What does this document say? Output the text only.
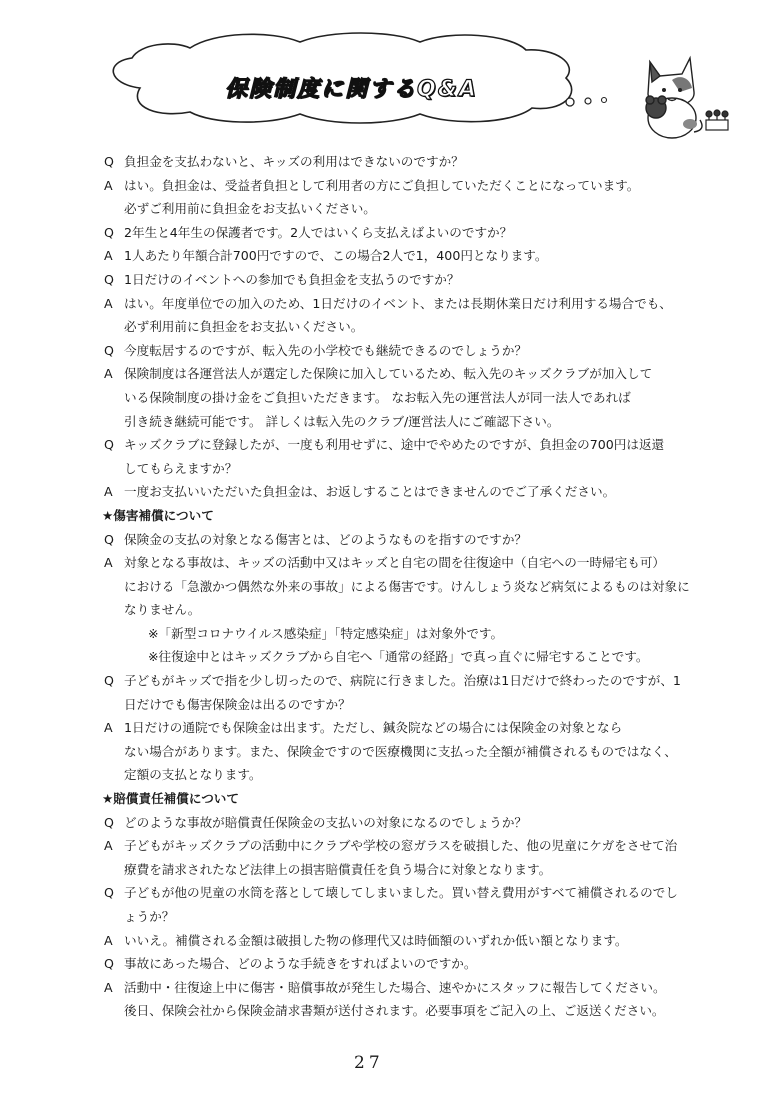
保険制度に関するQ&A
Q 負担金を支払わないと、キッズの利用はできないのですか？
A はい。負担金は、受益者負担として利用者の方にご負担していただくことになっています。
必ずご利用前に負担金をお支払いください。
Q 2年生と4年生の保護者です。2人ではいくら支払えばよいのですか？
A 1人あたり年額合計700円ですので、この場合2人で1，400円となります。
Q 1日だけのイベントへの参加でも負担金を支払うのですか？
A はい。年度単位での加入のため、1日だけのイベント、または長期休業日だけ利用する場合でも、
必ず利用前に負担金をお支払いください。
Q 今度転居するのですが、転入先の小学校でも継続できるのでしょうか？
A 保険制度は各運営法人が選定した保険に加入しているため、転入先のキッズクラブが加入して
いる保険制度の掛け金をご負担いただきます。 なお転入先の運営法人が同一法人であれば
引き続き継続可能です。 詳しくは転入先のクラブ/運営法人にご確認下さい。
Q キッズクラブに登録したが、一度も利用せずに、途中でやめたのですが、負担金の700円は返還
してもらえますか？
A 一度お支払いいただいた負担金は、お返しすることはできませんのでご了承ください。
★傷害補償について
Q 保険金の支払の対象となる傷害とは、どのようなものを指すのですか？
A 対象となる事故は、キッズの活動中又はキッズと自宅の間を往復途中（自宅への一時帰宅も可）
における「急激かつ偶然な外来の事故」による傷害です。けんしょう炎など病気によるものは対象に
なりません。
※「新型コロナウイルス感染症」「特定感染症」は対象外です。
※往復途中とはキッズクラブから自宅へ「通常の経路」で真っ直ぐに帰宅することです。
Q 子どもがキッズで指を少し切ったので、病院に行きました。治療は1日だけで終わったのですが、1
日だけでも傷害保険金は出るのですか？
A 1日だけの通院でも保険金は出ます。ただし、鍼灸院などの場合には保険金の対象となら
ない場合があります。また、保険金ですので医療機関に支払った全額が補償されるものではなく、
定額の支払となります。
★賠償責任補償について
Q どのような事故が賠償責任保険金の支払いの対象になるのでしょうか？
A 子どもがキッズクラブの活動中にクラブや学校の窓ガラスを破損した、他の児童にケガをさせて治
療費を請求されたなど法律上の損害賠償責任を負う場合に対象となります。
Q 子どもが他の児童の水筒を落として壊してしまいました。買い替え費用がすべて補償されるのでし
ょうか？
A いいえ。補償される金額は破損した物の修理代又は時価額のいずれか低い額となります。
Q 事故にあった場合、どのような手続きをすればよいのですか。
A 活動中・往復途上中に傷害・賠償事故が発生した場合、速やかにスタッフに報告してください。
後日、保険会社から保険金請求書類が送付されます。必要事項をご記入の上、ご返送ください。
27
